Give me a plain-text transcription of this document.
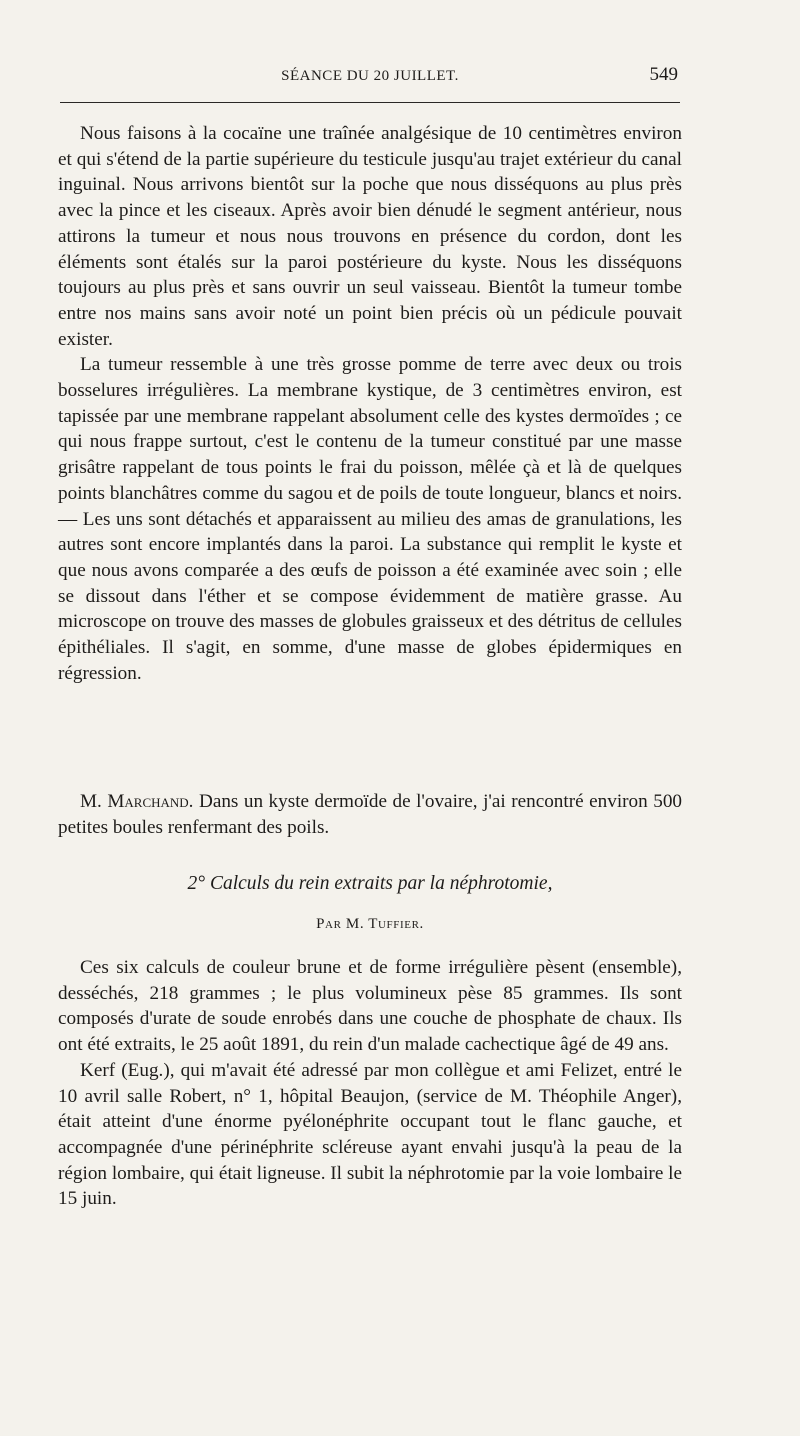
SÉANCE DU 20 JUILLET.	549

Nous faisons à la cocaïne une traînée analgésique de 10 centimètres environ et qui s'étend de la partie supérieure du testicule jusqu'au trajet extérieur du canal inguinal. Nous arrivons bientôt sur la poche que nous disséquons au plus près avec la pince et les ciseaux. Après avoir bien dénudé le segment antérieur, nous attirons la tumeur et nous nous trouvons en présence du cordon, dont les éléments sont étalés sur la paroi postérieure du kyste. Nous les disséquons toujours au plus près et sans ouvrir un seul vaisseau. Bientôt la tumeur tombe entre nos mains sans avoir noté un point bien précis où un pédicule pouvait exister.

La tumeur ressemble à une très grosse pomme de terre avec deux ou trois bosselures irrégulières. La membrane kystique, de 3 centimètres environ, est tapissée par une membrane rappelant absolument celle des kystes dermoïdes ; ce qui nous frappe surtout, c'est le contenu de la tumeur constitué par une masse grisâtre rappelant de tous points le frai du poisson, mêlée çà et là de quelques points blanchâtres comme du sagou et de poils de toute longueur, blancs et noirs. — Les uns sont détachés et apparaissent au milieu des amas de granulations, les autres sont encore implantés dans la paroi. La substance qui remplit le kyste et que nous avons comparée a des œufs de poisson a été examinée avec soin ; elle se dissout dans l'éther et se compose évidemment de matière grasse. Au microscope on trouve des masses de globules graisseux et des détritus de cellules épithéliales. Il s'agit, en somme, d'une masse de globes épidermiques en régression.

M. Marchand. Dans un kyste dermoïde de l'ovaire, j'ai rencontré environ 500 petites boules renfermant des poils.

2° Calculs du rein extraits par la néphrotomie,
Par M. Tuffier.

Ces six calculs de couleur brune et de forme irrégulière pèsent (ensemble), desséchés, 218 grammes ; le plus volumineux pèse 85 grammes. Ils sont composés d'urate de soude enrobés dans une couche de phosphate de chaux. Ils ont été extraits, le 25 août 1891, du rein d'un malade cachectique âgé de 49 ans.

Kerf (Eug.), qui m'avait été adressé par mon collègue et ami Felizet, entré le 10 avril salle Robert, n° 1, hôpital Beaujon, (service de M. Théophile Anger), était atteint d'une énorme pyélonéphrite occupant tout le flanc gauche, et accompagnée d'une périnéphrite scléreuse ayant envahi jusqu'à la peau de la région lombaire, qui était ligneuse. Il subit la néphrotomie par la voie lombaire le 15 juin.
